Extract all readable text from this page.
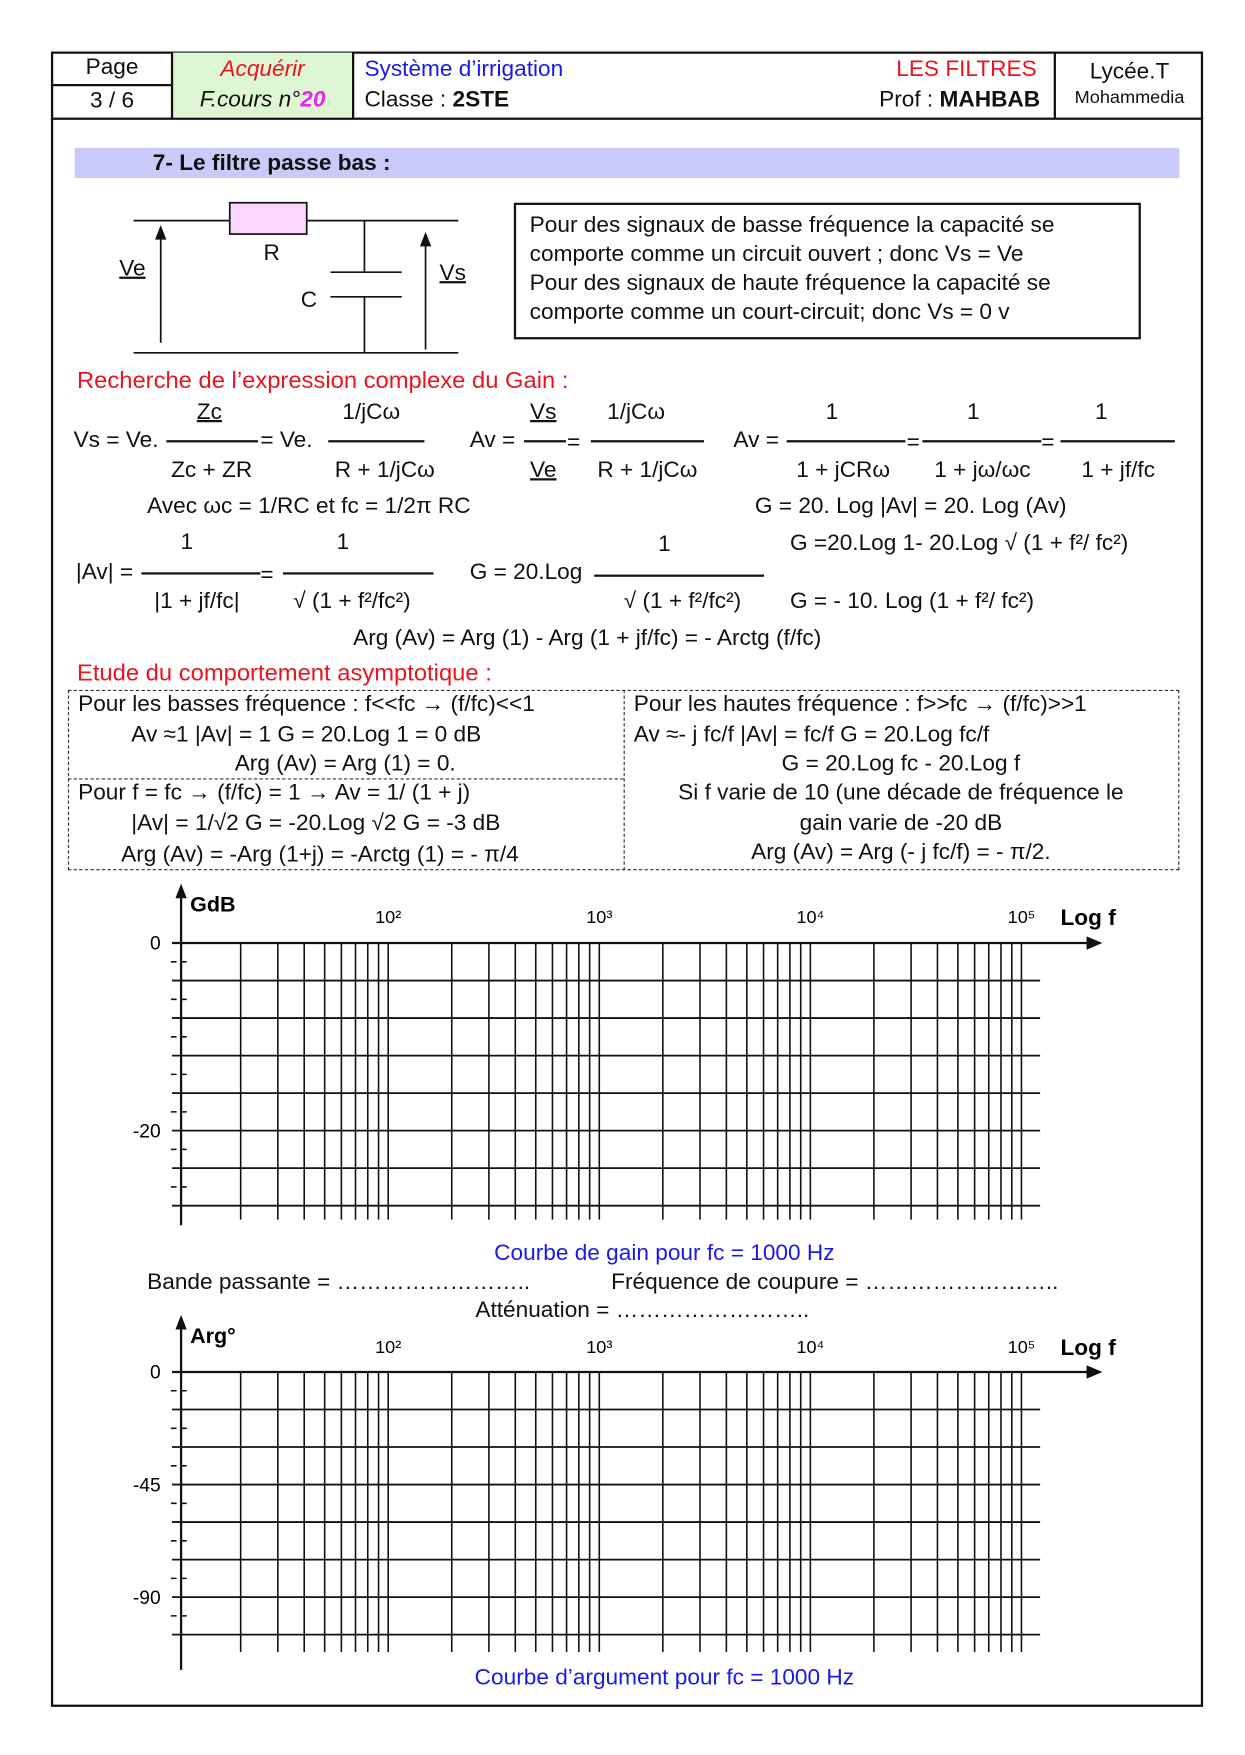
Page
3 / 6
Acquérir
F.cours n°20
Système d’irrigation
Classe : 2STE
LES FILTRES
Prof : MAHBAB
Lycée.T
Mohammedia
7- Le filtre passe bas :
Ve
R
C
Vs
Pour des signaux de basse fréquence la capacité se
comporte comme un circuit ouvert ; donc Vs = Ve
Pour des signaux de haute fréquence la capacité se
comporte comme un court-circuit; donc Vs = 0 v
Recherche de l’expression complexe du Gain :
Vs = Ve.
Zc
Zc + ZR
= Ve.
1/jCω
R + 1/jCω
Av =
Vs
Ve
=
1/jCω
R + 1/jCω
Av =
1
1 + jCRω
=
1
1 + jω/ωc
=
1
1 + jf/fc
Avec ωc = 1/RC et fc = 1/2π RC	G = 20. Log |Av| = 20. Log (Av)
|Av| =
1
|1 + jf/fc|
=
1
√ (1 + f²/fc²)
G = 20.Log
1
√ (1 + f²/fc²)
G =20.Log 1- 20.Log √ (1 + f²/ fc²)
G = - 10. Log (1 + f²/ fc²)
Arg (Av) = Arg (1) - Arg (1 + jf/fc) = - Arctg (f/fc)
Etude du comportement asymptotique :
Pour les basses fréquence : f<<fc → (f/fc)<<1
Av ≈1 |Av| = 1 G = 20.Log 1 = 0 dB
Arg (Av) = Arg (1) = 0.
Pour f = fc → (f/fc) = 1 → Av = 1/ (1 + j)
|Av| = 1/√2 G = -20.Log √2 G = -3 dB
Arg (Av) = -Arg (1+j) = -Arctg (1) = - π/4
Pour les hautes fréquence : f>>fc → (f/fc)>>1
Av ≈- j fc/f |Av| = fc/f G = 20.Log fc/f
G = 20.Log fc - 20.Log f
Si f varie de 10 (une décade de fréquence le
gain varie de -20 dB
Arg (Av) = Arg (- j fc/f) = - π/2.
10²	10³	10⁴	10⁵
0
-20
GdB
Log f
10²	10³	10⁴	10⁵
0
-45
-90
Arg°	Log f
Courbe de gain pour fc = 1000 Hz
Bande passante = ……………………..	Fréquence de coupure = ……………………..
Atténuation = ……………………..
Courbe d’argument pour fc = 1000 Hz
